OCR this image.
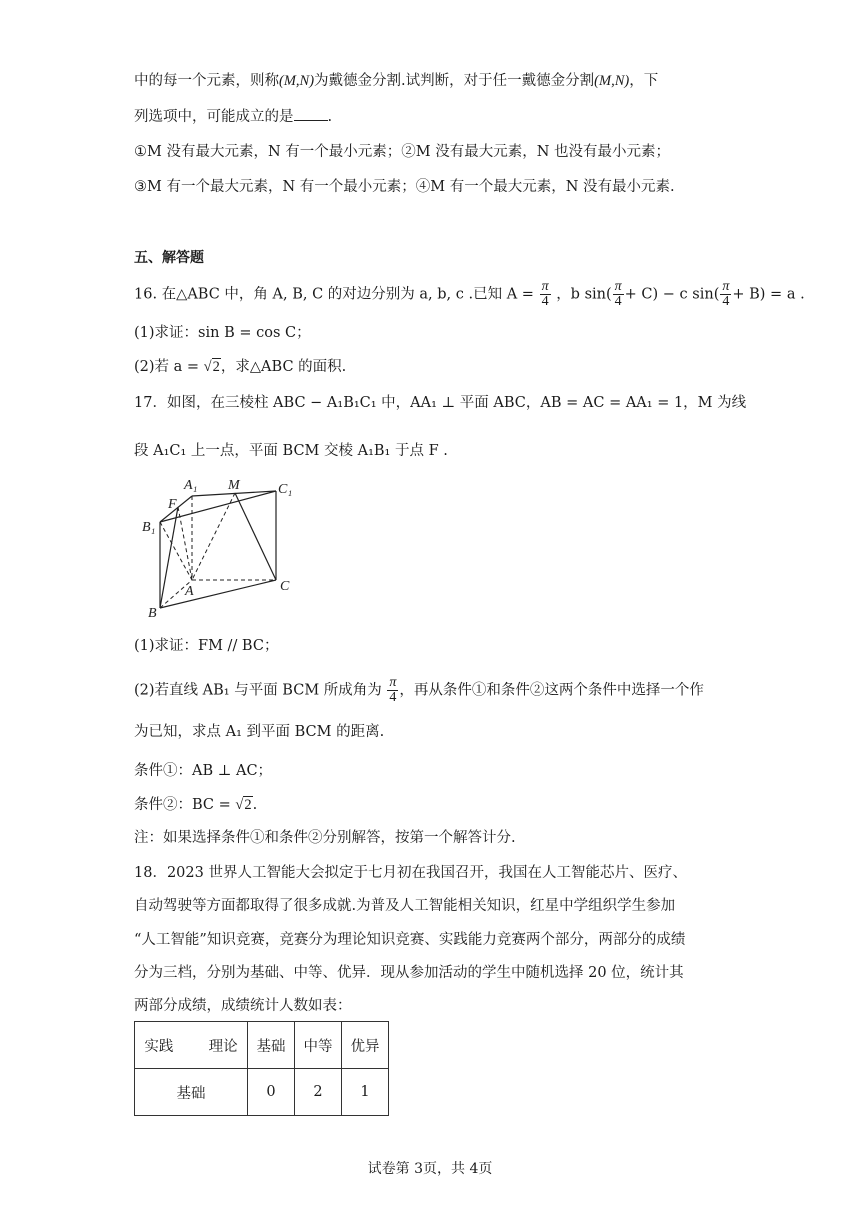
中的每一个元素，则称(M,N)为戴德金分割.试判断，对于任一戴德金分割(M,N)，下
列选项中，可能成立的是 .
①M 没有最大元素，N 有一个最小元素；②M 没有最大元素，N 也没有最小元素；
③M 有一个最大元素，N 有一个最小元素；④M 有一个最大元素，N 没有最小元素.
五、解答题
16. 在△ABC 中，角 A, B, C 的对边分别为 a, b, c .已知 $A = \frac{\pi}{4}$ ，b $\sin( \frac{\pi}{4} + C) - c$ $\sin( \frac{\pi}{4} + B) = a$ .
(1)求证：sin B = cos C；
(2)若 a = √2，求△ABC 的面积.
17．如图，在三棱柱 ABC − A₁B₁C₁ 中，AA₁ ⊥ 平面 ABC，AB = AC = AA₁ = 1，M 为线
段 A₁C₁ 上一点，平面 BCM 交棱 A₁B₁ 于点 F .
A₁ M	C₁
F
B₁
A	C
B
(1)求证：FM // BC；
(2)若直线 AB₁ 与平面 BCM 所成角为 $\frac{\pi}{4}$ ，再从条件①和条件②这两个条件中选择一个作
为已知，求点 A₁ 到平面 BCM 的距离.
条件①：AB ⊥ AC；
条件②：BC = √2.
注：如果选择条件①和条件②分别解答，按第一个解答计分.
18．2023 世界人工智能大会拟定于七月初在我国召开，我国在人工智能芯片、医疗、
自动驾驶等方面都取得了很多成就.为普及人工智能相关知识，红星中学组织学生参加
“人工智能”知识竞赛，竞赛分为理论知识竞赛、实践能力竞赛两个部分，两部分的成绩
分为三档，分别为基础、中等、优异．现从参加活动的学生中随机选择 20 位，统计其
两部分成绩，成绩统计人数如表：
实践 理论	基础	中等	优异
基础	0	2	1
试卷第 3页，共 4页
